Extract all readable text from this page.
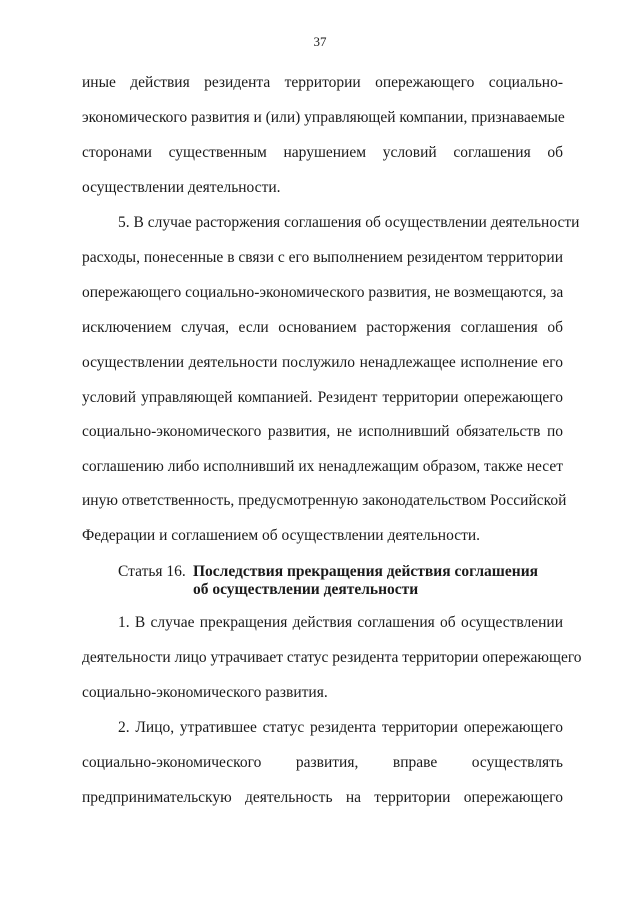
37
иные действия резидента территории опережающего социально-
экономического развития и (или) управляющей компании, признаваемые
сторонами существенным нарушением условий соглашения об
осуществлении деятельности.
5. В случае расторжения соглашения об осуществлении деятельности
расходы, понесенные в связи с его выполнением резидентом территории
опережающего социально-экономического развития, не возмещаются, за
исключением случая, если основанием расторжения соглашения об
осуществлении деятельности послужило ненадлежащее исполнение его
условий управляющей компанией. Резидент территории опережающего
социально-экономического развития, не исполнивший обязательств по
соглашению либо исполнивший их ненадлежащим образом, также несет
иную ответственность, предусмотренную законодательством Российской
Федерации и соглашением об осуществлении деятельности.
Статья 16. Последствия прекращения действия соглашения
об осуществлении деятельности
1. В случае прекращения действия соглашения об осуществлении
деятельности лицо утрачивает статус резидента территории опережающего
социально-экономического развития.
2. Лицо, утратившее статус резидента территории опережающего
социально-экономического развития, вправе осуществлять
предпринимательскую деятельность на территории опережающего
